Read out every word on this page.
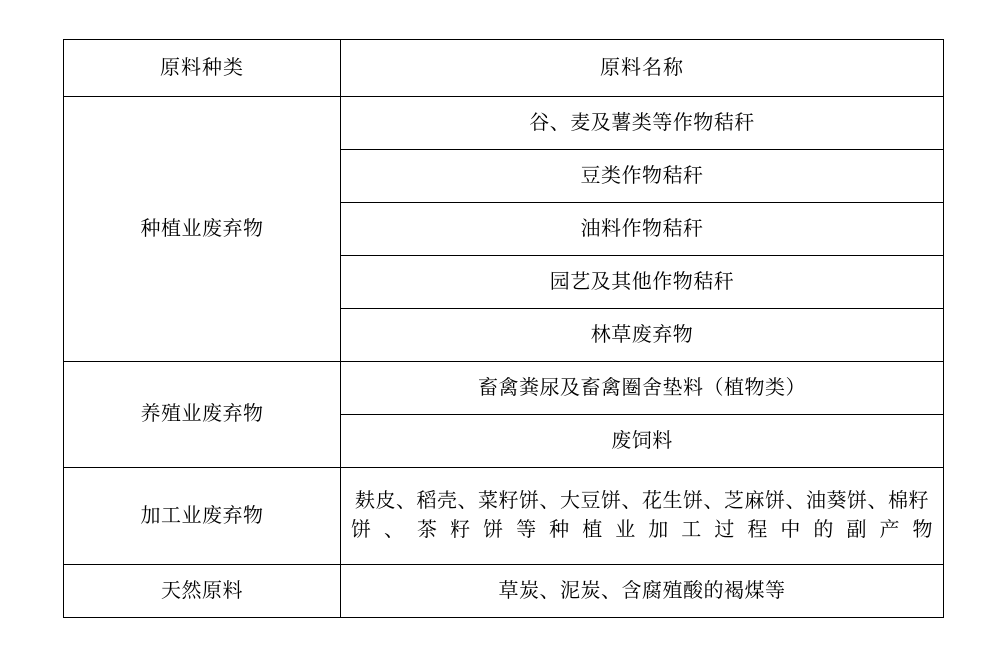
原料种类	原料名称
种植业废弃物	谷、麦及薯类等作物秸秆
	豆类作物秸秆
	油料作物秸秆
	园艺及其他作物秸秆
	林草废弃物
养殖业废弃物	畜禽粪尿及畜禽圈舍垫料（植物类）
	废饲料
加工业废弃物	麸皮、稻壳、菜籽饼、大豆饼、花生饼、芝麻饼、油葵饼、棉籽饼、茶籽饼等种植业加工过程中的副产物
天然原料	草炭、泥炭、含腐殖酸的褐煤等
